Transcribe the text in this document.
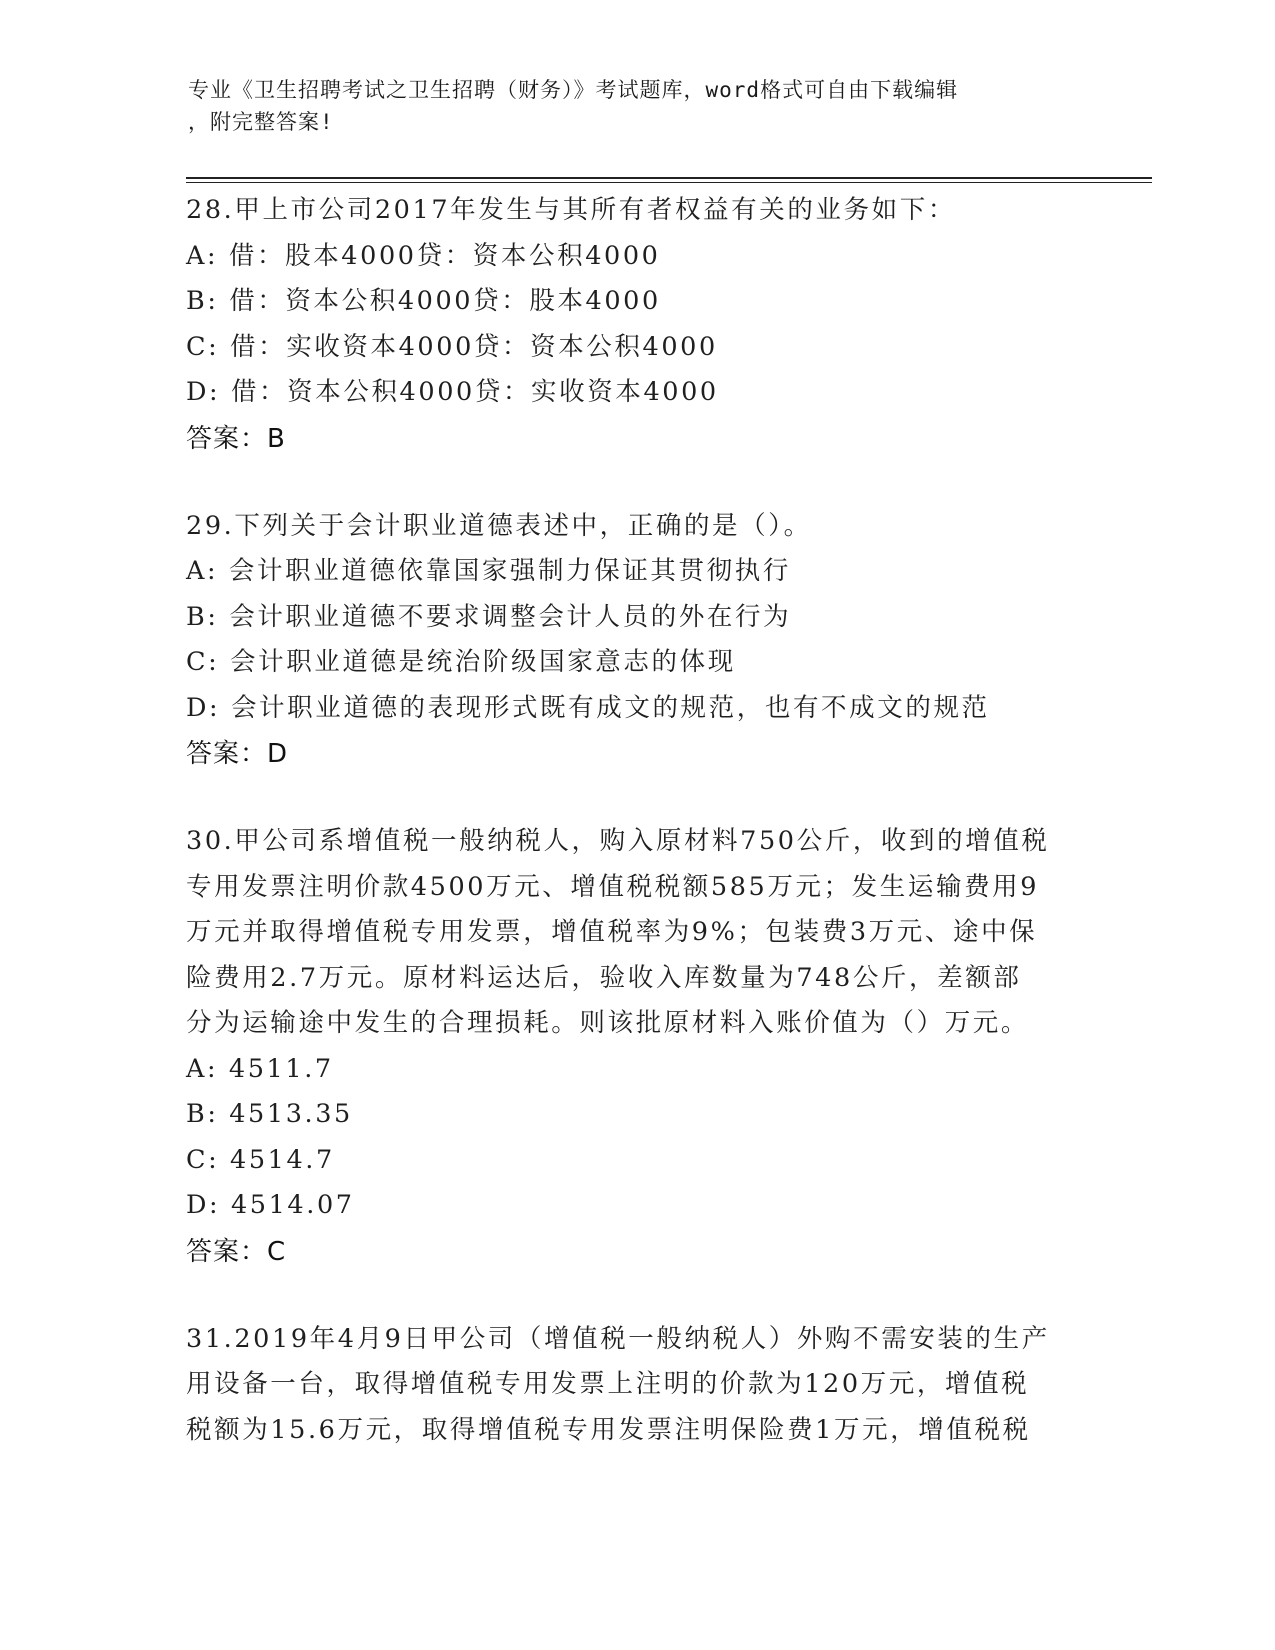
专业《卫生招聘考试之卫生招聘（财务）》考试题库，word格式可自由下载编辑
，附完整答案!
28.甲上市公司2017年发生与其所有者权益有关的业务如下：
A: 借：股本4000贷：资本公积4000
B: 借：资本公积4000贷：股本4000
C: 借：实收资本4000贷：资本公积4000
D: 借：资本公积4000贷：实收资本4000
答案：B
29.下列关于会计职业道德表述中，正确的是（）。
A: 会计职业道德依靠国家强制力保证其贯彻执行
B: 会计职业道德不要求调整会计人员的外在行为
C: 会计职业道德是统治阶级国家意志的体现
D: 会计职业道德的表现形式既有成文的规范，也有不成文的规范
答案：D
30.甲公司系增值税一般纳税人，购入原材料750公斤，收到的增值税
专用发票注明价款4500万元、增值税税额585万元；发生运输费用9
万元并取得增值税专用发票，增值税率为9%；包装费3万元、途中保
险费用2.7万元。原材料运达后，验收入库数量为748公斤，差额部
分为运输途中发生的合理损耗。则该批原材料入账价值为（）万元。
A: 4511.7
B: 4513.35
C: 4514.7
D: 4514.07
答案：C
31.2019年4月9日甲公司（增值税一般纳税人）外购不需安装的生产
用设备一台，取得增值税专用发票上注明的价款为120万元，增值税
税额为15.6万元，取得增值税专用发票注明保险费1万元，增值税税
